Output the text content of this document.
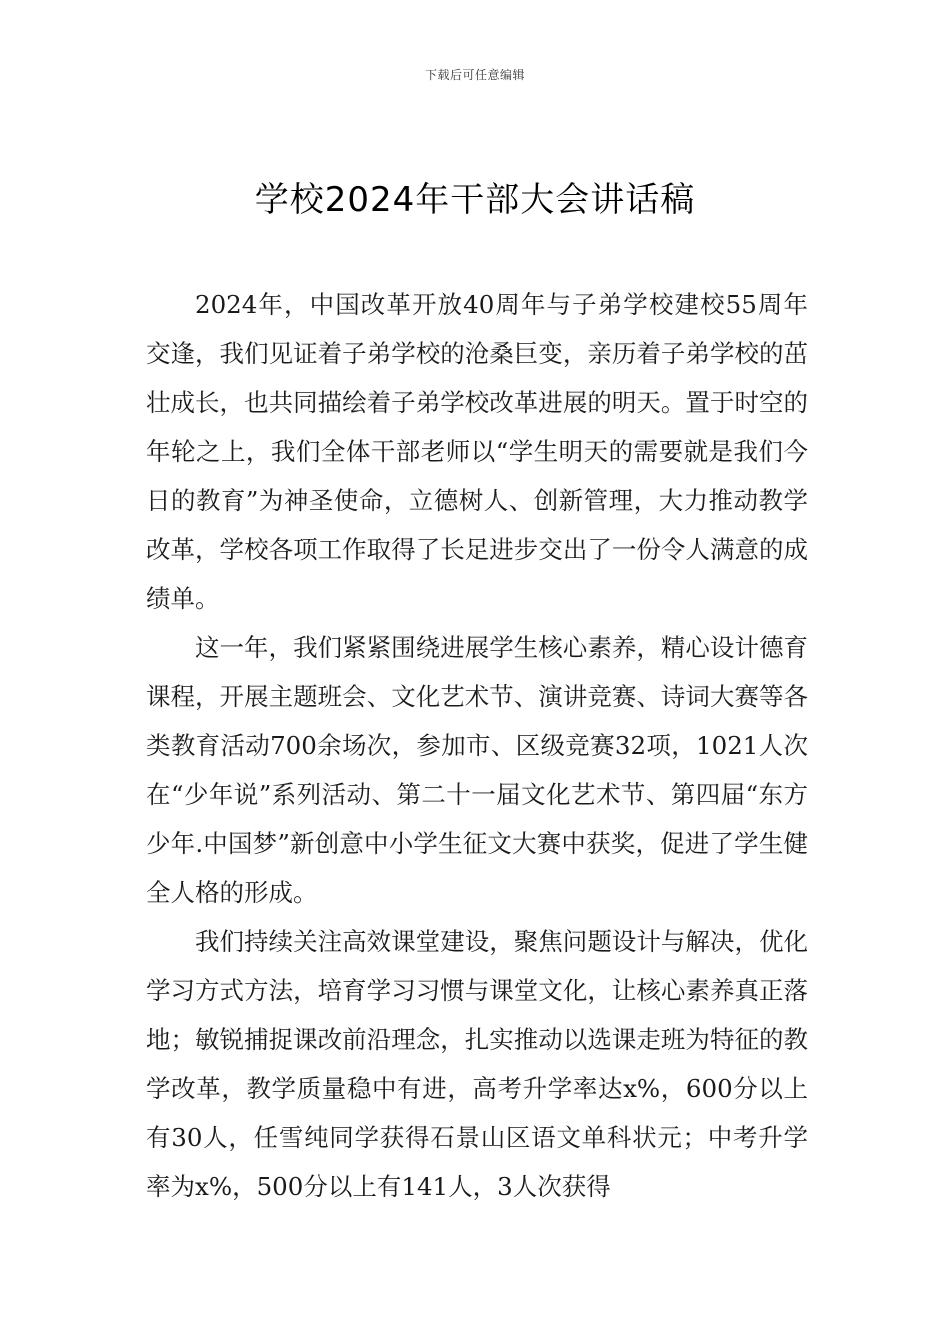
下载后可任意编辑
学校2024年干部大会讲话稿

2024年，中国改革开放40周年与子弟学校建校55周年交逢，我们见证着子弟学校的沧桑巨变，亲历着子弟学校的茁壮成长，也共同描绘着子弟学校改革进展的明天。置于时空的年轮之上，我们全体干部老师以“学生明天的需要就是我们今日的教育”为神圣使命，立德树人、创新管理，大力推动教学改革，学校各项工作取得了长足进步交出了一份令人满意的成绩单。

这一年，我们紧紧围绕进展学生核心素养，精心设计德育课程，开展主题班会、文化艺术节、演讲竞赛、诗词大赛等各类教育活动700余场次，参加市、区级竞赛32项，1021人次在“少年说”系列活动、第二十一届文化艺术节、第四届“东方少年.中国梦”新创意中小学生征文大赛中获奖，促进了学生健全人格的形成。

我们持续关注高效课堂建设，聚焦问题设计与解决，优化学习方式方法，培育学习习惯与课堂文化，让核心素养真正落地；敏锐捕捉课改前沿理念，扎实推动以选课走班为特征的教学改革，教学质量稳中有进，高考升学率达x%，600分以上有30人，任雪纯同学获得石景山区语文单科状元；中考升学率为x%，500分以上有141人，3人次获得
